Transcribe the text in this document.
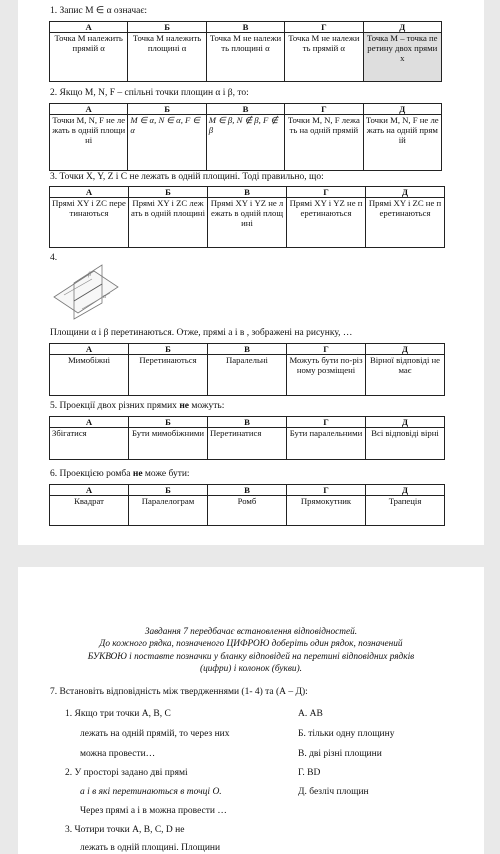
1. Запис M ∈ α означає:
А	Б	В	Г	Д
Точка М належить прямій α	Точка М належить площині α	Точка М не належить площині α	Точка М не належить прямій α	Точка М – точка перетину двох прямих
2. Якщо M, N, F – спільні точки площин α і β, то:
А	Б	В	Г	Д
Точки M, N, F не лежать в одній площині	M ∈ α, N ∈ α, F ∈ α	M ∈ β, N ∉ β, F ∉ β	Точки M, N, F лежать на одній прямій	Точки M, N, F не лежать на одній прямій
3. Точки X, Y, Z і C не лежать в одній площині. Тоді правильно, що:
А	Б	В	Г	Д
Прямі XY і ZC перетинаються	Прямі XY і ZC лежать в одній площині	Прямі XY і YZ не лежать в одній площині	Прямі XY і YZ не перетинаються	Прямі XY і ZC не перетинаються
4.
β
α
Площини α і β перетинаються. Отже, прямі a і в , зображені на рисунку, …
А	Б	В	Г	Д
Мимобіжні	Перетинаються	Паралельні	Можуть бути по-різному розміщені	Вірної відповіді немає
5. Проекції двох різних прямих не можуть:
А	Б	В	Г	Д
Збігатися	Бути мимобіжними	Перетинатися	Бути паралельними	Всі відповіді вірні
6. Проекцією ромба не може бути:
А	Б	В	Г	Д
Квадрат	Паралелограм	Ромб	Прямокутник	Трапеція
Завдання 7 передбачає встановлення відповідностей.
До кожного рядка, позначеного ЦИФРОЮ доберіть один рядок, позначений
БУКВОЮ і поставте позначки у бланку відповідей на перетині відповідних рядків
(цифри) і колонок (букви).
7. Встановіть відповідність між твердженнями (1- 4) та (А – Д):
1. Якщо три точки А, В, С
лежать на одній прямій, то через них
можна провести…
2. У просторі задано дві прямі
а і в які перетинаються в точці О.
Через прямі а і в можна провести …
3. Чотири точки А, В, С, D не
лежать в одній площині. Площини
А. АВ
Б. тільки одну площину
В. дві різні площини
Г. BD
Д. безліч площин
